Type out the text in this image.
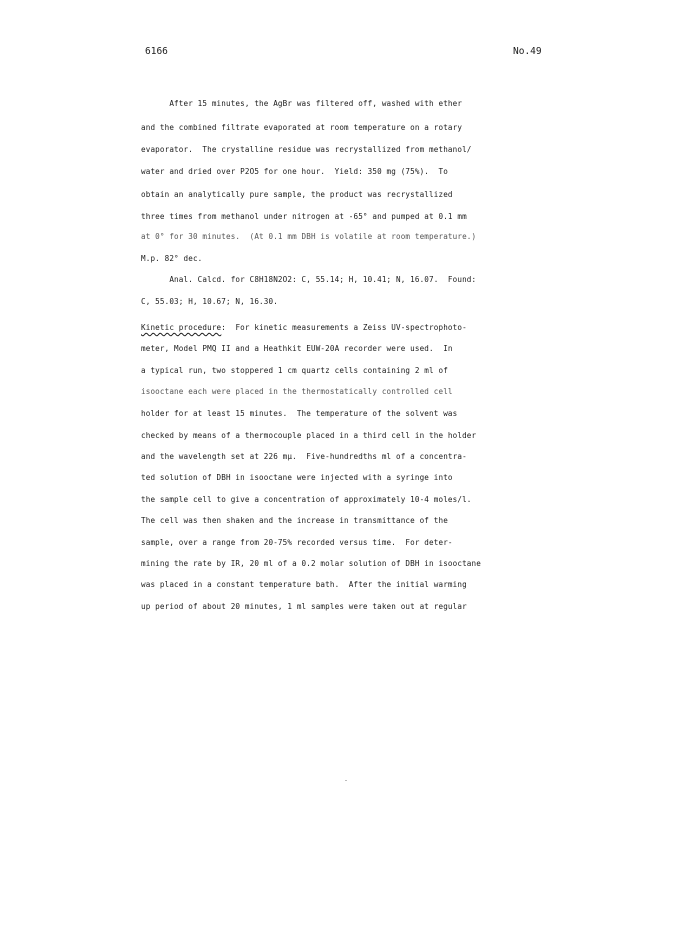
6166	No.49
After 15 minutes, the AgBr was filtered off, washed with ether
and the combined filtrate evaporated at room temperature on a rotary
evaporator.  The crystalline residue was recrystallized from methanol/
water and dried over P2O5 for one hour.  Yield: 350 mg (75%).  To
obtain an analytically pure sample, the product was recrystallized
three times from methanol under nitrogen at -65° and pumped at 0.1 mm
at 0° for 30 minutes.  (At 0.1 mm DBH is volatile at room temperature.)
M.p. 82° dec.
Anal. Calcd. for C8H18N2O2: C, 55.14; H, 10.41; N, 16.07.  Found:
C, 55.03; H, 10.67; N, 16.30.
Kinetic procedure:  For kinetic measurements a Zeiss UV-spectrophoto-
meter, Model PMQ II and a Heathkit EUW-20A recorder were used.  In
a typical run, two stoppered 1 cm quartz cells containing 2 ml of
isooctane each were placed in the thermostatically controlled cell
holder for at least 15 minutes.  The temperature of the solvent was
checked by means of a thermocouple placed in a third cell in the holder
and the wavelength set at 226 mμ.  Five-hundredths ml of a concentra-
ted solution of DBH in isooctane were injected with a syringe into
the sample cell to give a concentration of approximately 10-4 moles/l.
The cell was then shaken and the increase in transmittance of the
sample, over a range from 20-75% recorded versus time.  For deter-
mining the rate by IR, 20 ml of a 0.2 molar solution of DBH in isooctane
was placed in a constant temperature bath.  After the initial warming
up period of about 20 minutes, 1 ml samples were taken out at regular
